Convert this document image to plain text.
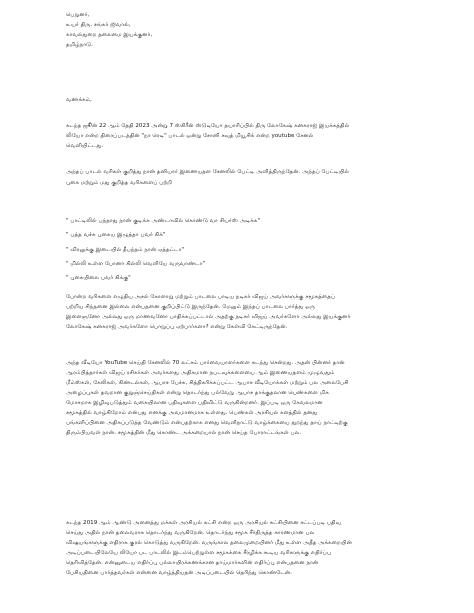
பெறுனர்,
உயர் திரு. சங்கர் ஜிவால்,
காவல்துறை தலைமை இயக்குனர்,
தமிழ்நாடு.
வணக்கம்,
கடந்த ஜூன் 22 ஆம் தேதி 2023 அன்று 7 ஸ்கிரீன் ஸ்டுடியோ தயாரிப்பில் திரு லோகேஷ் கனகராஜ் இயக்கத்தில்
லியோ என்ற திரைப்படத்தின் "நா ரெடி" பாடல் ஒன்று சோனி சவுத் மியூசிக் என்ற youtube சேனல்
வெளியிட்டது.
அந்தப் பாடல் வரிகள் குறித்து நான் தனியார் இணையதள சேனலில் பேட்டி அளித்திருந்தேன். அந்தப் பேட்டியில்
புகை மற்றும் மது குறித்த வரிகளைப் பற்றி
" பாட்டிலில் பந்தாது நான் குடிக்க அண்டாவில் கொண்டு வா சியர்ஸ் அடிக்க"
" பத்த வச்சு புகைய இழுத்தா பவர் கிக்"
" விரலுக்கு இடையில் தீபந்தம் நான் ஏத்தட்டா"
" மில்லி உள்ள போனா கில்லி வெளியே வருவாண்டா"
" புகையிலை பவர் கிக்கு"
போன்ற வரிகளை எழுதிய அசல் கோளாறு மற்றும் பாடலை பாடிய நடிகர் விஜய் அவர்களுக்கு சமூகத்தைப்
பற்றிய சிந்தனை இல்லை என்பதனை குறிப்பிட்டு இருந்தேன். மேலும் இந்தப் பாடலை பார்த்து ஒரு
இளைஞனோ அல்லது ஒரு மாணவனோ பாதிக்கப்பட்டால் அதற்கு நடிகர் விஜய் அவர்களோ அல்லது இயக்குனர்
லோகேஷ் கனகராஜ் அவர்களோ பொறுப்பு ஏற்பார்களா? என்று கேள்வி கேட்டிருந்தேன்.
அந்த வீடியோ YouTube செய்தி சேனலில் 70 லட்சம் பார்வையாளர்களை கடந்து சென்றது. அதன் பின்னர் தான்
ஆரம்பித்தார்கள் விஜய் ரசிகர்கள் அவர்களது அதிகமான நபடவுக்களையை ஆம் இணையதளம் முழுவதும்
மீம்ஸ்கள், கேலிகள், கிண்டல்கள், ஆபாச பேச்சு, சித்திகரிக்கப்பட்ட ஆபாச வீடியோக்கள் மற்றும் பல அலைபேசி
அழைப்புகள் தவறான குறுஞ்செய்திகள் என்று தொடர்ந்து பல்வேறு ஆபாச தாக்குதலான பெண்களை மிக
மோசமாக இழிவுபடுத்தும் வகையிலான பதிவுகளை பதிவிட்டு வருகின்றனர். இப்படி ஒரு கேவலமான
சமூகத்தில் வாழ்கிறோம் என்பது எனக்கு அவமானமாக உள்ளது. பெண்கள் அரசியல் களத்தில் தனது
பங்களிப்பினை அதிகப்படுத்த வேண்டும் என்பதற்காக எனது வெளிநாட்டு வாழ்க்கையை துறந்து தாய் நாட்டிற்கு
திரும்பியவள் நான். சமூகத்தின் மீது கொண்ட அக்கறையால் நான் செய்த போராட்டங்கள் பல.
கடந்த 2019 ஆம் ஆண்டு அனைத்து மக்கள் அரசியல் கட்சி என்ற ஒரு அரசியல் கட்சியினை சட்டப்படி பதிவு
செய்து அதில் நான் தலைவராக தொடர்ந்து வருகிறேன். தொடர்ந்து சமூக சீர்திருத்த காரணமான பல
விஷயங்களுக்கு எதிராக குரல் கொடுத்து வருகிறேன். வருங்கால தலைமுறையினர் மீது உள்ள அதீத அக்கறையின்
அடிப்படையிலேயே லியோ பட பாடலில் இடம்பெற்றுள்ள சமூகக்கை சீரழிக்க கூடிய வரிகளுக்கு எதிர்ப்பு
தெரிவித்தேன். என்னுடைய எதிர்ப்பு பல்லாயிரக்கணக்கான தாய்மார்களின் எதிர்ப்பு என்பதனை நான்
பேசியதினை பார்த்தவர்கள் என்னை வாழ்த்தியதன் அடிப்படையில் தெரிந்து கொண்டேன்.
